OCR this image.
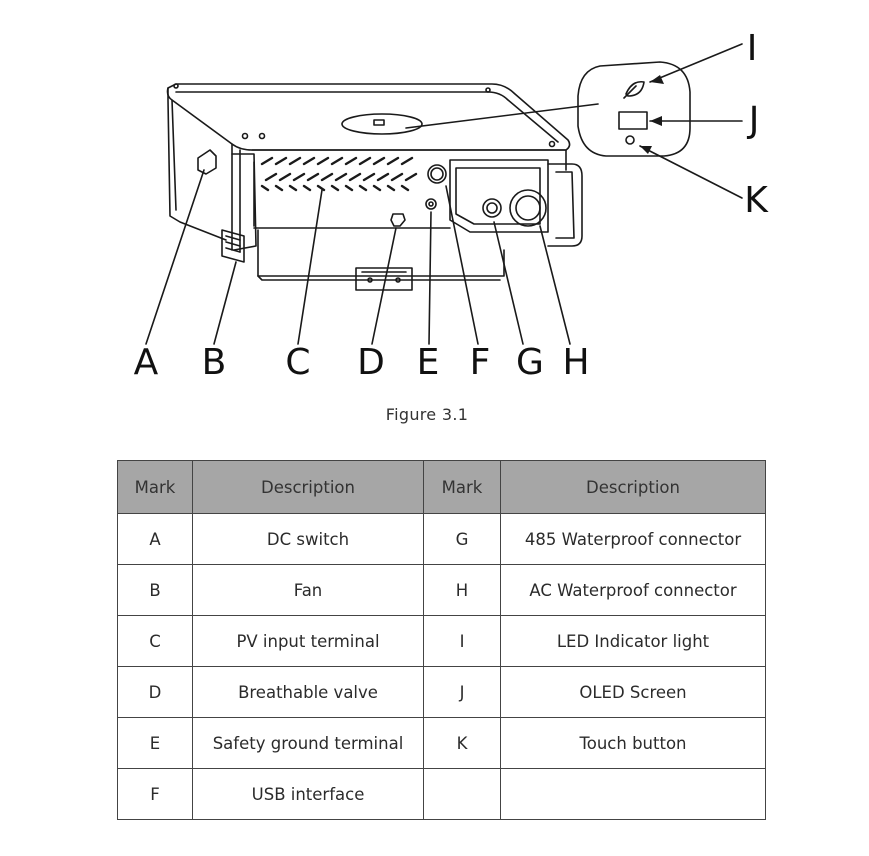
A B C D E F G H
I
J
K
Figure 3.1
Mark	Description	Mark	Description
A	DC switch	G	485 Waterproof connector
B	Fan	H	AC Waterproof connector
C	PV input terminal	I	LED Indicator light
D	Breathable valve	J	OLED Screen
E	Safety ground terminal	K	Touch button
F	USB interface		
